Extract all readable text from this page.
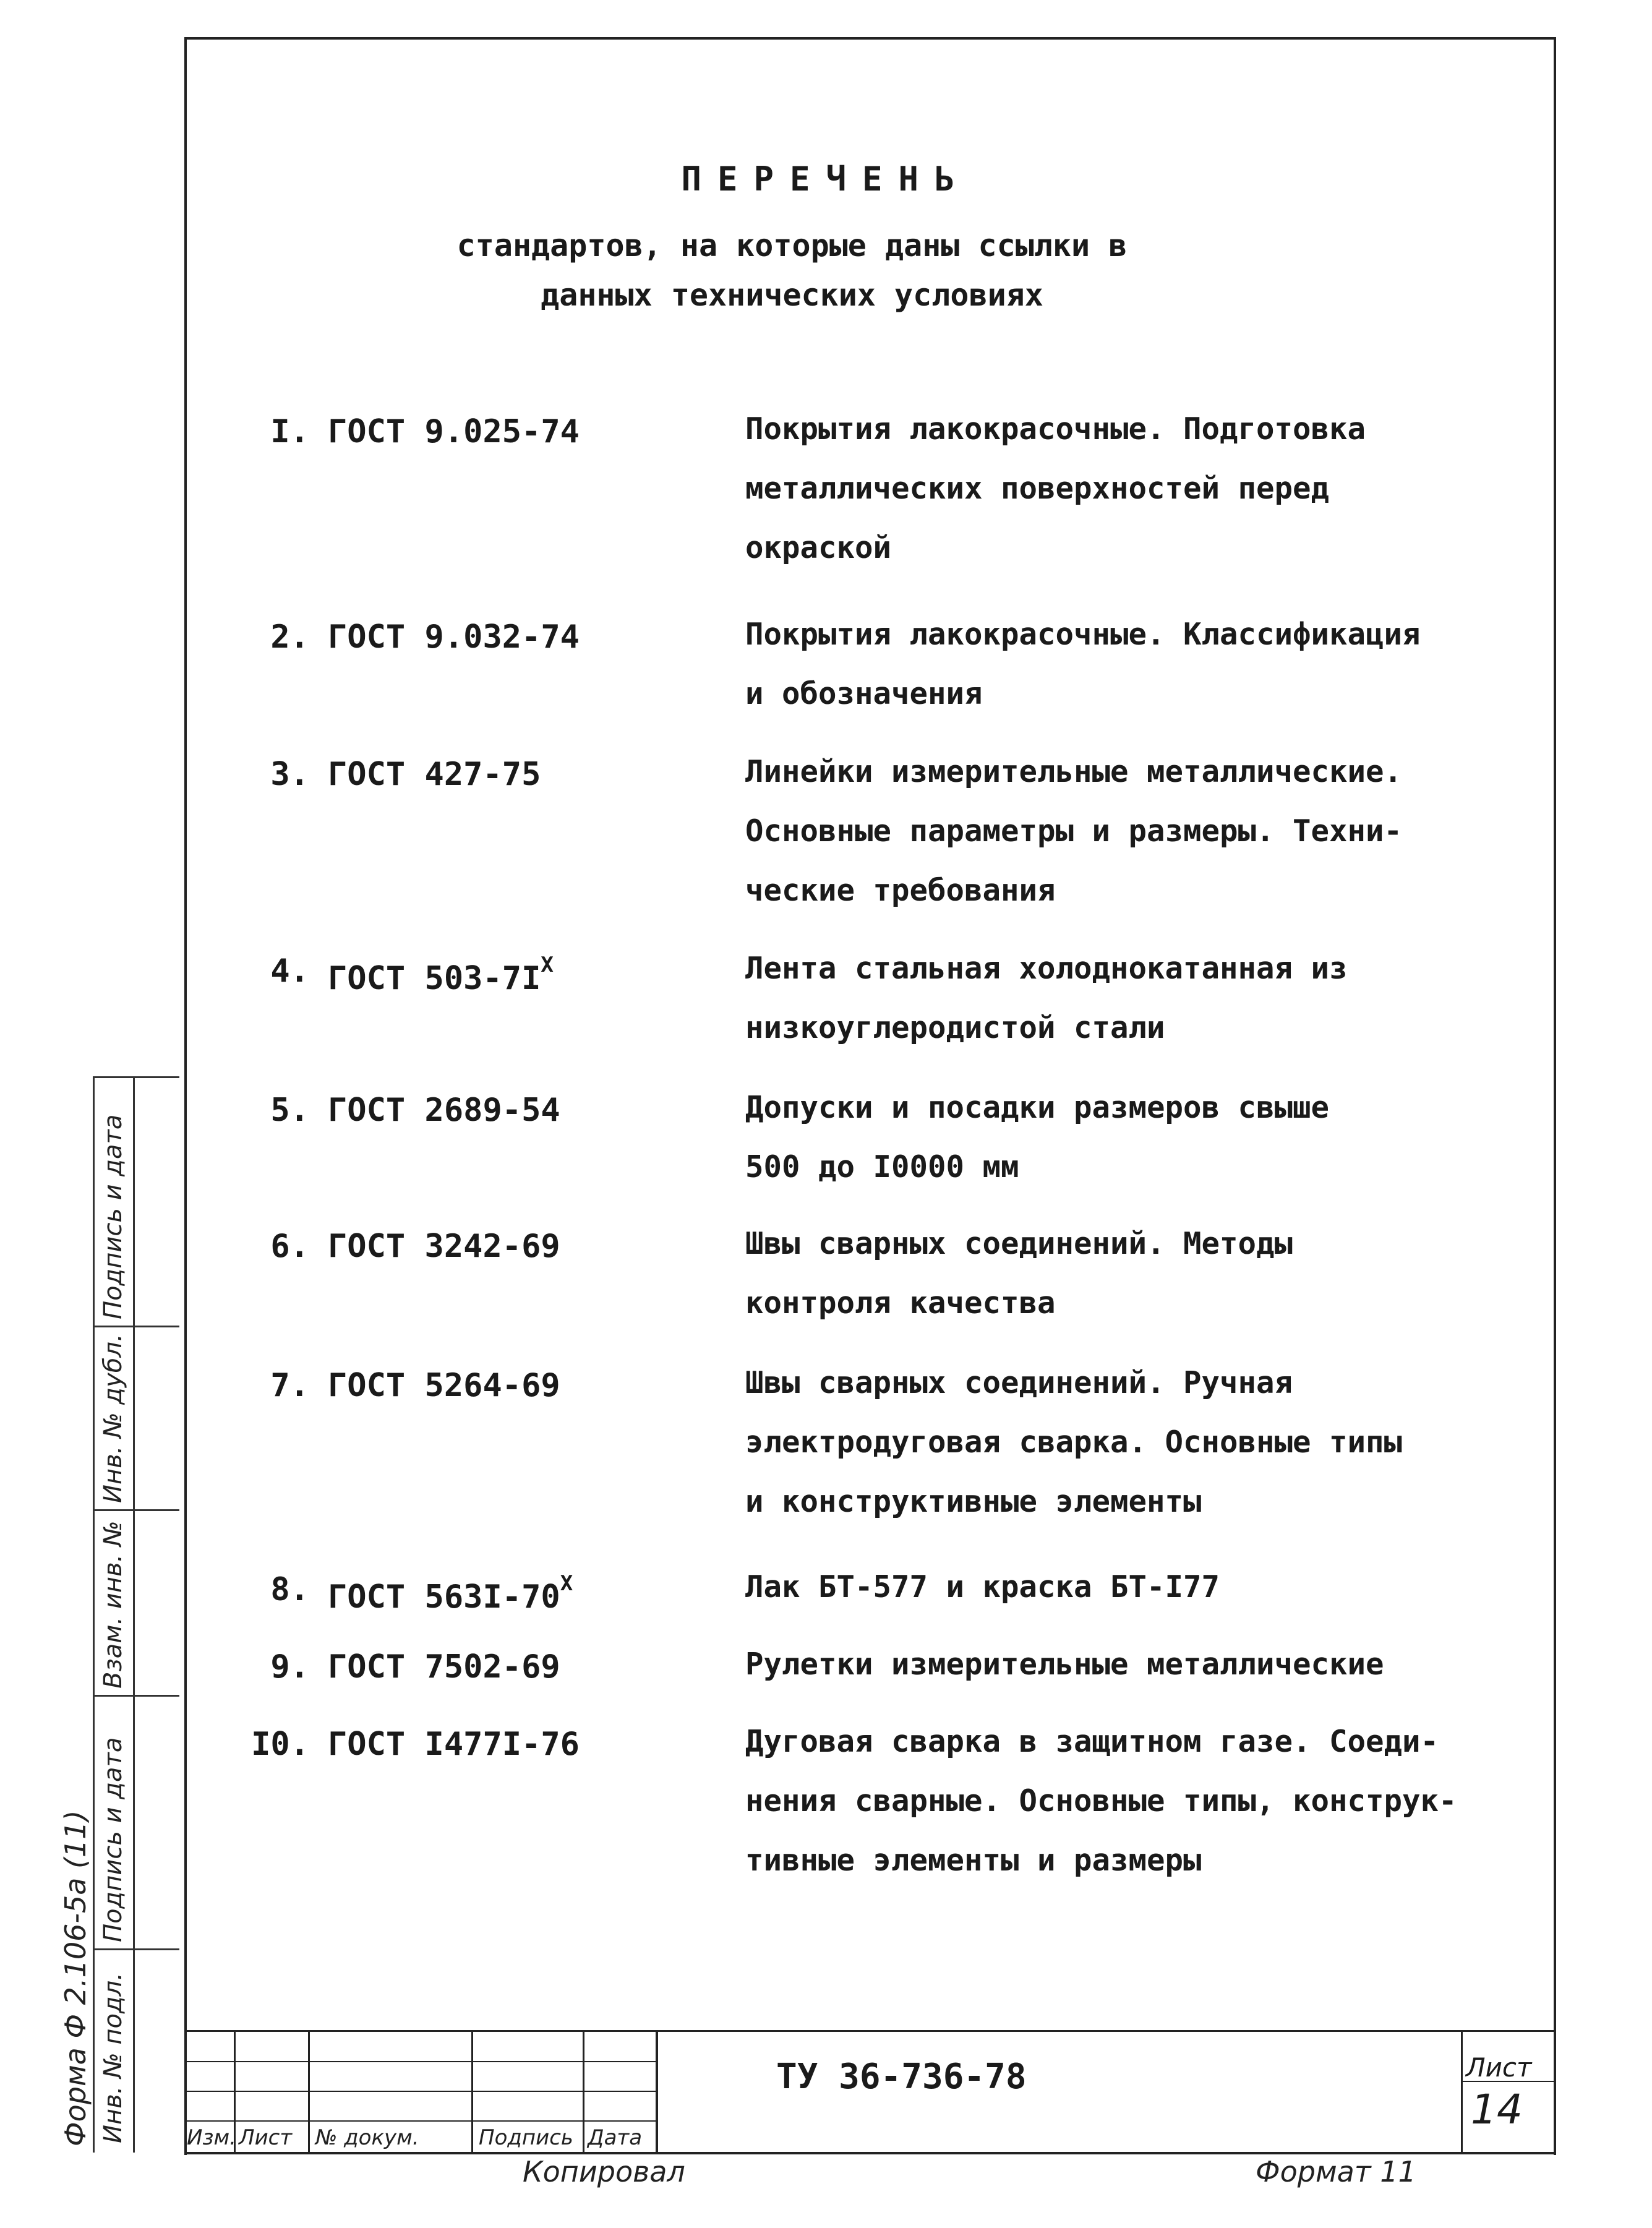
ПЕРЕЧЕНЬ
стандартов, на которые даны ссылки в
данных технических условиях
I. ГОСТ 9.025-74	Покрытия лакокрасочные. Подготовка
металлических поверхностей перед
окраской
2. ГОСТ 9.032-74	Покрытия лакокрасочные. Классификация
и обозначения
3. ГОСТ 427-75	Линейки измерительные металлические.
Основные параметры и размеры. Техни-
ческие требования
4. ГОСТ $503-7I^X$	Лента стальная холоднокатанная из
низкоуглеродистой стали
5. ГОСТ 2689-54	Допуски и посадки размеров свыше
500 до I0000 мм
6. ГОСТ 3242-69	Швы сварных соединений. Методы
контроля качества
7. ГОСТ 5264-69	Швы сварных соединений. Ручная
электродуговая сварка. Основные типы
и конструктивные элементы
8. ГОСТ $563I-70^X$	Лак БТ-577 и краска БТ-I77
9. ГОСТ 7502-69	Рулетки измерительные металлические
I0. ГОСТ I477I-76	Дуговая сварка в защитном газе. Соеди-
нения сварные. Основные типы, конструк-
тивные элементы и размеры
Форма Ф 2.106-5а (11) Инв. № подл.
Подпись и дата
Взам. инв. №
Инв. № дубл.
Подпись и дата
Изм. Лист № докум.	Подпись Дата
ТУ 36-736-78	Лист
14
Копировал	Формат 11
